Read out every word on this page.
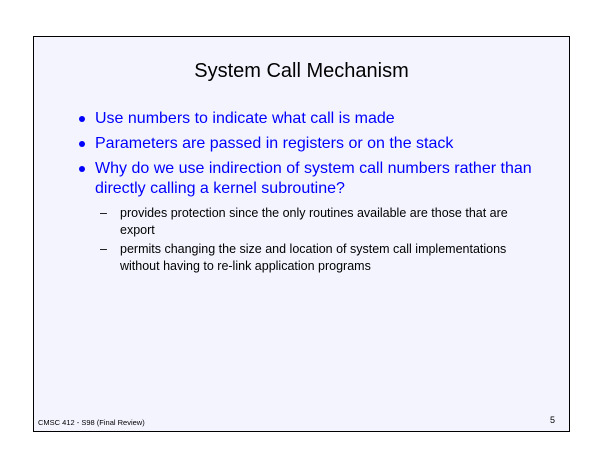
System Call Mechanism
Use numbers to indicate what call is made
Parameters are passed in registers or on the stack
Why do we use indirection of system call numbers rather than directly calling a kernel subroutine?
– provides protection since the only routines available are those that are export
– permits changing the size and location of system call implementations without having to re-link application programs
CMSC 412 - S98 (Final Review)	5
